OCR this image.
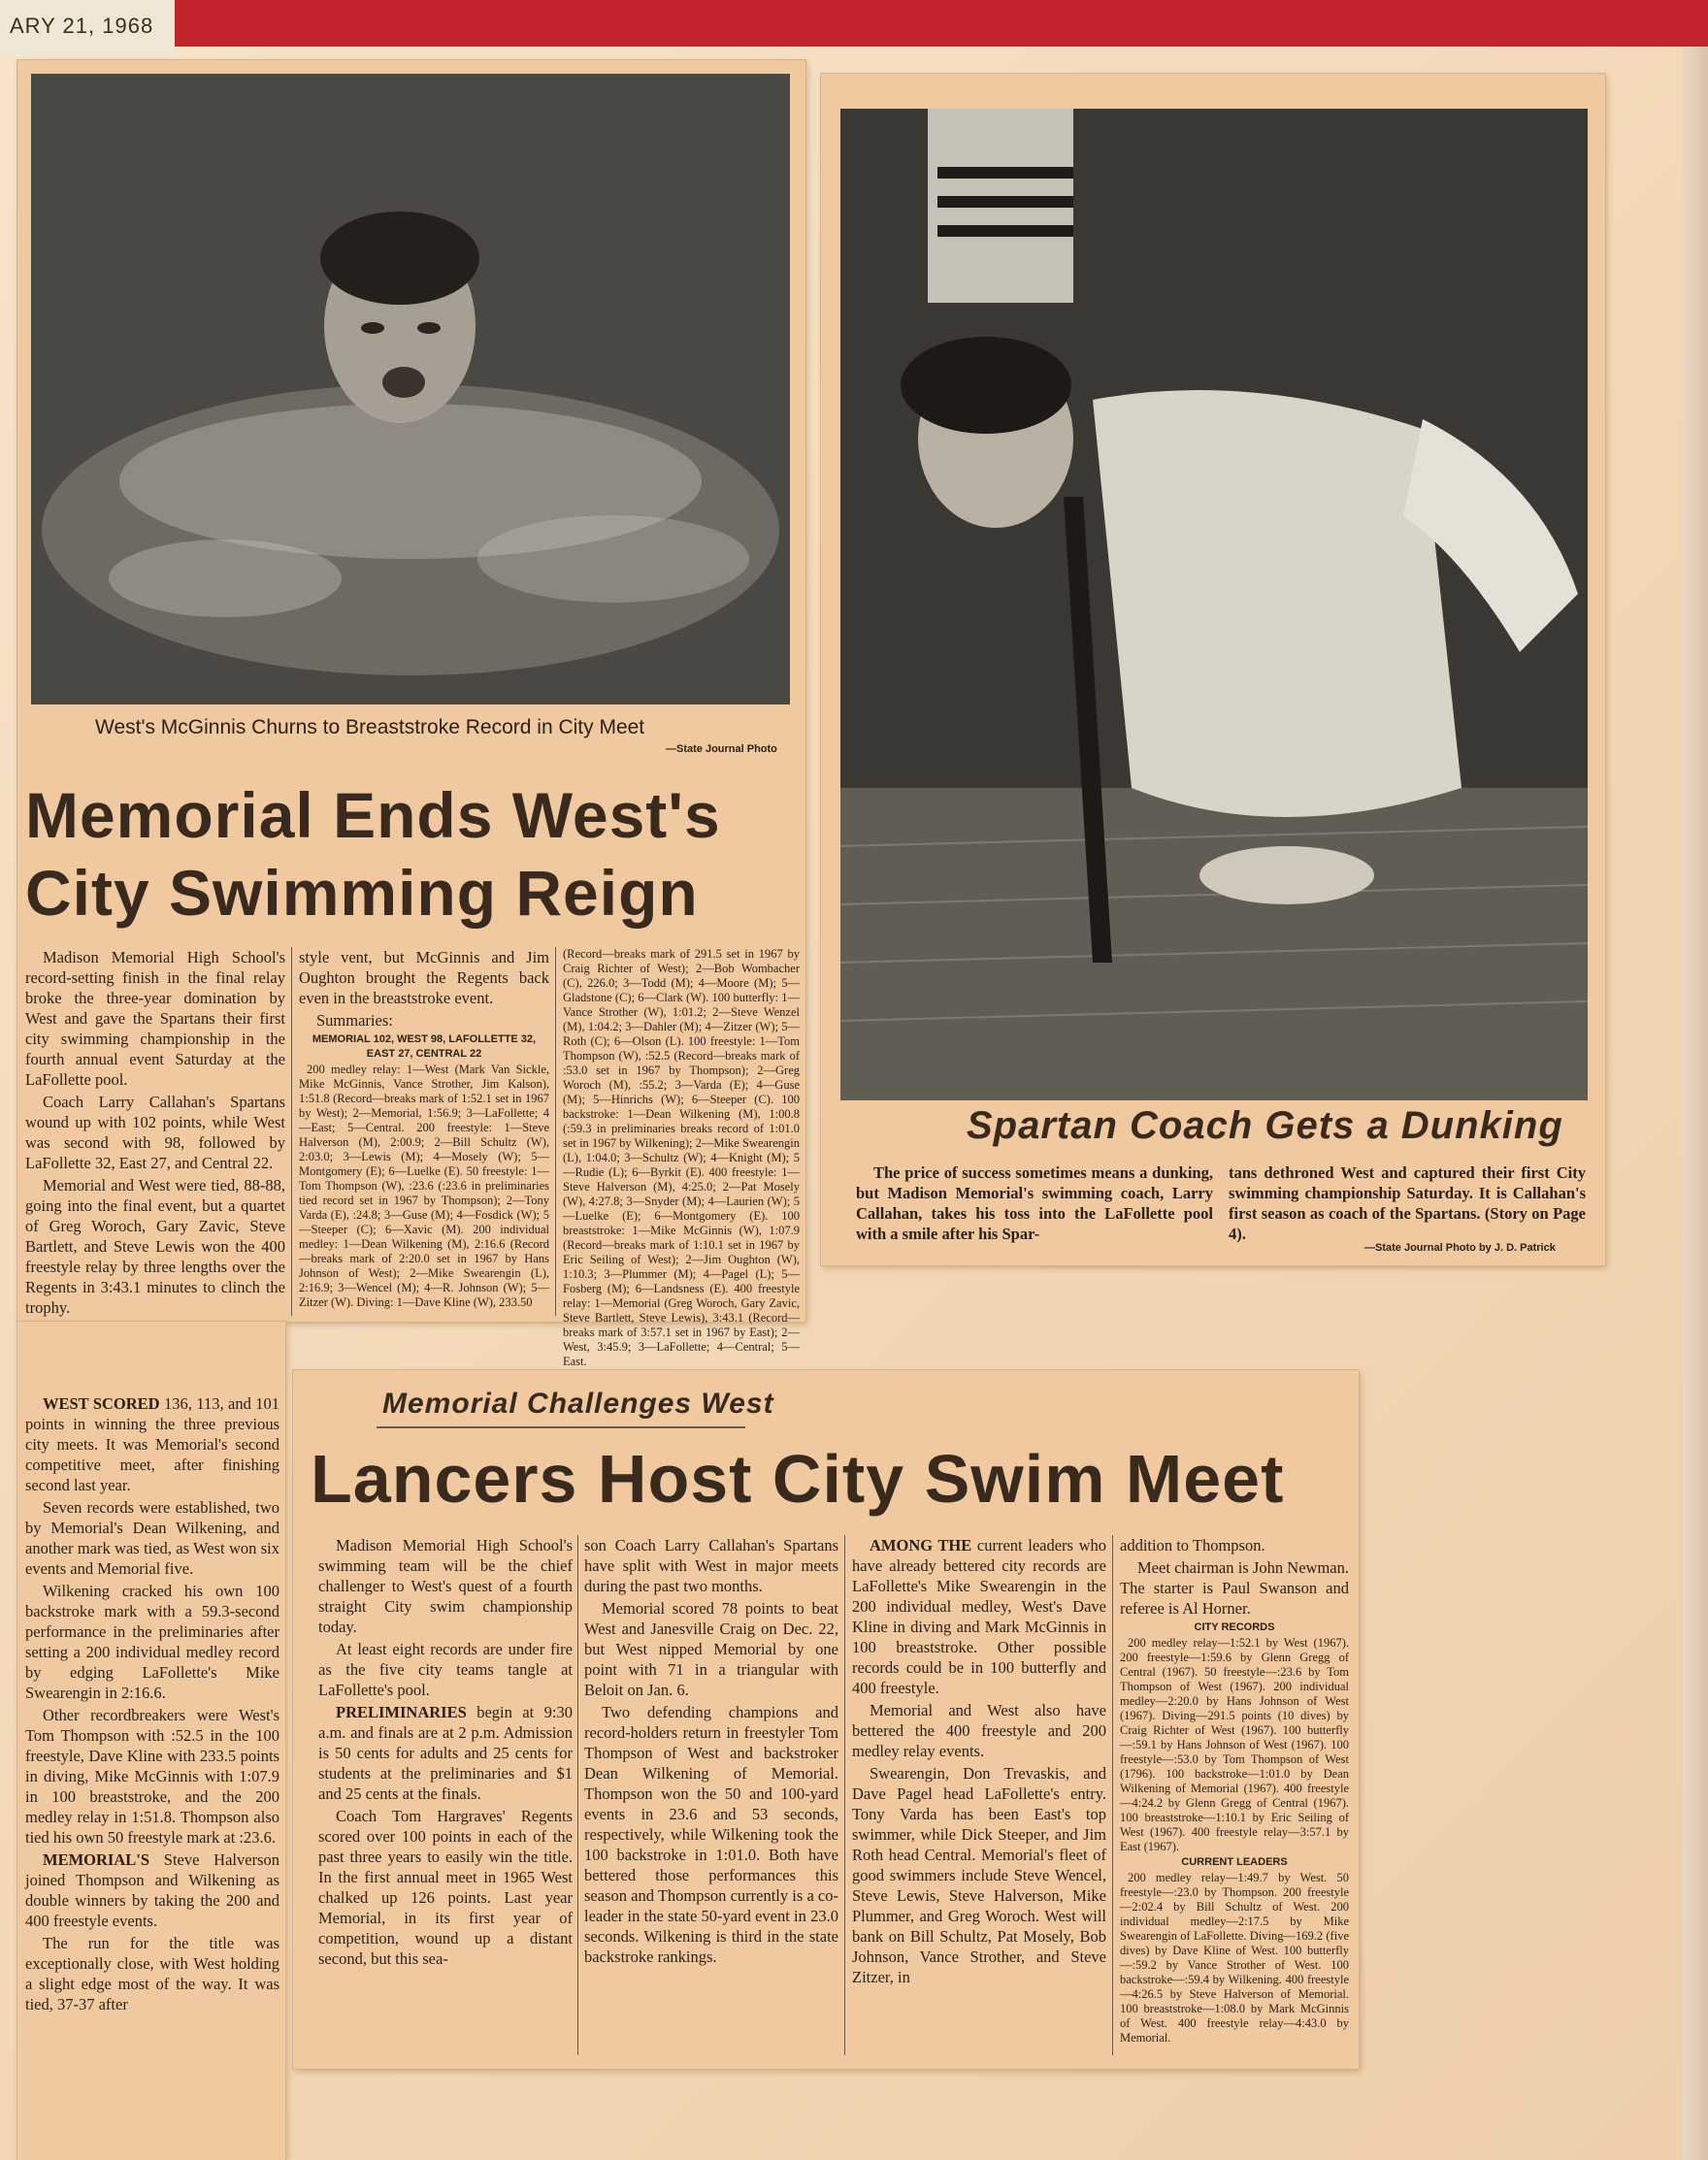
ARY 21, 1968
West's McGinnis Churns to Breaststroke Record in City Meet
—State Journal Photo
Memorial Ends West's
City Swimming Reign

Madison Memorial High School's record-setting finish in the final relay broke the three-year domination by West and gave the Spartans their first city swimming championship in the fourth annual event Saturday at the LaFollette pool.

Coach Larry Callahan's Spartans wound up with 102 points, while West was second with 98, followed by LaFollette 32, East 27, and Central 22.

Memorial and West were tied, 88-88, going into the final event, but a quartet of Greg Woroch, Gary Zavic, Steve Bartlett, and Steve Lewis won the 400 freestyle relay by three lengths over the Regents in 3:43.1 minutes to clinch the trophy.

style vent, but McGinnis and Jim Oughton brought the Regents back even in the breaststroke event.

Summaries:

MEMORIAL 102, WEST 98, LAFOLLETTE 32, EAST 27, CENTRAL 22

200 medley relay: 1—West (Mark Van Sickle, Mike McGinnis, Vance Strother, Jim Kalson), 1:51.8 (Record—breaks mark of 1:52.1 set in 1967 by West); 2—Memorial, 1:56.9; 3—LaFollette; 4—East; 5—Central. 200 freestyle: 1—Steve Halverson (M), 2:00.9; 2—Bill Schultz (W), 2:03.0; 3—Lewis (M); 4—Mosely (W); 5—Montgomery (E); 6—Luelke (E). 50 freestyle: 1—Tom Thompson (W), :23.6 (:23.6 in preliminaries tied record set in 1967 by Thompson); 2—Tony Varda (E), :24.8; 3—Guse (M); 4—Fosdick (W); 5—Steeper (C); 6—Xavic (M). 200 individual medley: 1—Dean Wilkening (M), 2:16.6 (Record—breaks mark of 2:20.0 set in 1967 by Hans Johnson of West); 2—Mike Swearengin (L), 2:16.9; 3—Wencel (M); 4—R. Johnson (W); 5—Zitzer (W). Diving: 1—Dave Kline (W), 233.50

(Record—breaks mark of 291.5 set in 1967 by Craig Richter of West); 2—Bob Wombacher (C), 226.0; 3—Todd (M); 4—Moore (M); 5—Gladstone (C); 6—Clark (W). 100 butterfly: 1—Vance Strother (W), 1:01.2; 2—Steve Wenzel (M), 1:04.2; 3—Dahler (M); 4—Zitzer (W); 5—Roth (C); 6—Olson (L). 100 freestyle: 1—Tom Thompson (W), :52.5 (Record—breaks mark of :53.0 set in 1967 by Thompson); 2—Greg Woroch (M), :55.2; 3—Varda (E); 4—Guse (M); 5—Hinrichs (W); 6—Steeper (C). 100 backstroke: 1—Dean Wilkening (M), 1:00.8 (:59.3 in preliminaries breaks record of 1:01.0 set in 1967 by Wilkening); 2—Mike Swearengin (L), 1:04.0; 3—Schultz (W); 4—Knight (M); 5—Rudie (L); 6—Byrkit (E). 400 freestyle: 1—Steve Halverson (M), 4:25.0; 2—Pat Mosely (W), 4:27.8; 3—Snyder (M); 4—Laurien (W); 5—Luelke (E); 6—Montgomery (E). 100 breaststroke: 1—Mike McGinnis (W), 1:07.9 (Record—breaks mark of 1:10.1 set in 1967 by Eric Seiling of West); 2—Jim Oughton (W), 1:10.3; 3—Plummer (M); 4—Pagel (L); 5—Fosberg (M); 6—Landsness (E). 400 freestyle relay: 1—Memorial (Greg Woroch, Gary Zavic, Steve Bartlett, Steve Lewis), 3:43.1 (Record—breaks mark of 3:57.1 set in 1967 by East); 2—West, 3:45.9; 3—LaFollette; 4—Central; 5—East.

WEST SCORED 136, 113, and 101 points in winning the three previous city meets. It was Memorial's second competitive meet, after finishing second last year.

Seven records were established, two by Memorial's Dean Wilkening, and another mark was tied, as West won six events and Memorial five.

Wilkening cracked his own 100 backstroke mark with a 59.3-second performance in the preliminaries after setting a 200 individual medley record by edging LaFollette's Mike Swearengin in 2:16.6.

Other recordbreakers were West's Tom Thompson with :52.5 in the 100 freestyle, Dave Kline with 233.5 points in diving, Mike McGinnis with 1:07.9 in 100 breaststroke, and the 200 medley relay in 1:51.8. Thompson also tied his own 50 freestyle mark at :23.6.

MEMORIAL'S Steve Halverson joined Thompson and Wilkening as double winners by taking the 200 and 400 freestyle events.

The run for the title was exceptionally close, with West holding a slight edge most of the way. It was tied, 37-37 after

Spartan Coach Gets a Dunking
The price of success sometimes means a dunking, but Madison Memorial's swimming coach, Larry Callahan, takes his toss into the LaFollette pool with a smile after his Spar-
tans dethroned West and captured their first City swimming championship Saturday. It is Callahan's first season as coach of the Spartans. (Story on Page 4).
—State Journal Photo by J. D. Patrick
Memorial Challenges West
Lancers Host City Swim Meet

Madison Memorial High School's swimming team will be the chief challenger to West's quest of a fourth straight City swim championship today.

At least eight records are under fire as the five city teams tangle at LaFollette's pool.

PRELIMINARIES begin at 9:30 a.m. and finals are at 2 p.m. Admission is 50 cents for adults and 25 cents for students at the preliminaries and $1 and 25 cents at the finals.

Coach Tom Hargraves' Regents scored over 100 points in each of the past three years to easily win the title. In the first annual meet in 1965 West chalked up 126 points. Last year Memorial, in its first year of competition, wound up a distant second, but this sea-

son Coach Larry Callahan's Spartans have split with West in major meets during the past two months.

Memorial scored 78 points to beat West and Janesville Craig on Dec. 22, but West nipped Memorial by one point with 71 in a triangular with Beloit on Jan. 6.

Two defending champions and record-holders return in freestyler Tom Thompson of West and backstroker Dean Wilkening of Memorial. Thompson won the 50 and 100-yard events in 23.6 and 53 seconds, respectively, while Wilkening took the 100 backstroke in 1:01.0. Both have bettered those performances this season and Thompson currently is a co-leader in the state 50-yard event in 23.0 seconds. Wilkening is third in the state backstroke rankings.

AMONG THE current leaders who have already bettered city records are LaFollette's Mike Swearengin in the 200 individual medley, West's Dave Kline in diving and Mark McGinnis in 100 breaststroke. Other possible records could be in 100 butterfly and 400 freestyle.

Memorial and West also have bettered the 400 freestyle and 200 medley relay events.

Swearengin, Don Trevaskis, and Dave Pagel head LaFollette's entry. Tony Varda has been East's top swimmer, while Dick Steeper, and Jim Roth head Central. Memorial's fleet of good swimmers include Steve Wencel, Steve Lewis, Steve Halverson, Mike Plummer, and Greg Woroch. West will bank on Bill Schultz, Pat Mosely, Bob Johnson, Vance Strother, and Steve Zitzer, in

addition to Thompson.

Meet chairman is John Newman. The starter is Paul Swanson and referee is Al Horner.

CITY RECORDS

200 medley relay—1:52.1 by West (1967). 200 freestyle—1:59.6 by Glenn Gregg of Central (1967). 50 freestyle—:23.6 by Tom Thompson of West (1967). 200 individual medley—2:20.0 by Hans Johnson of West (1967). Diving—291.5 points (10 dives) by Craig Richter of West (1967). 100 butterfly—:59.1 by Hans Johnson of West (1967). 100 freestyle—:53.0 by Tom Thompson of West (1796). 100 backstroke—1:01.0 by Dean Wilkening of Memorial (1967). 400 freestyle—4:24.2 by Glenn Gregg of Central (1967). 100 breaststroke—1:10.1 by Eric Seiling of West (1967). 400 freestyle relay—3:57.1 by East (1967).

CURRENT LEADERS

200 medley relay—1:49.7 by West. 50 freestyle—:23.0 by Thompson. 200 freestyle—2:02.4 by Bill Schultz of West. 200 individual medley—2:17.5 by Mike Swearengin of LaFollette. Diving—169.2 (five dives) by Dave Kline of West. 100 butterfly—:59.2 by Vance Strother of West. 100 backstroke—:59.4 by Wilkening. 400 freestyle—4:26.5 by Steve Halverson of Memorial. 100 breaststroke—1:08.0 by Mark McGinnis of West. 400 freestyle relay—4:43.0 by Memorial.
